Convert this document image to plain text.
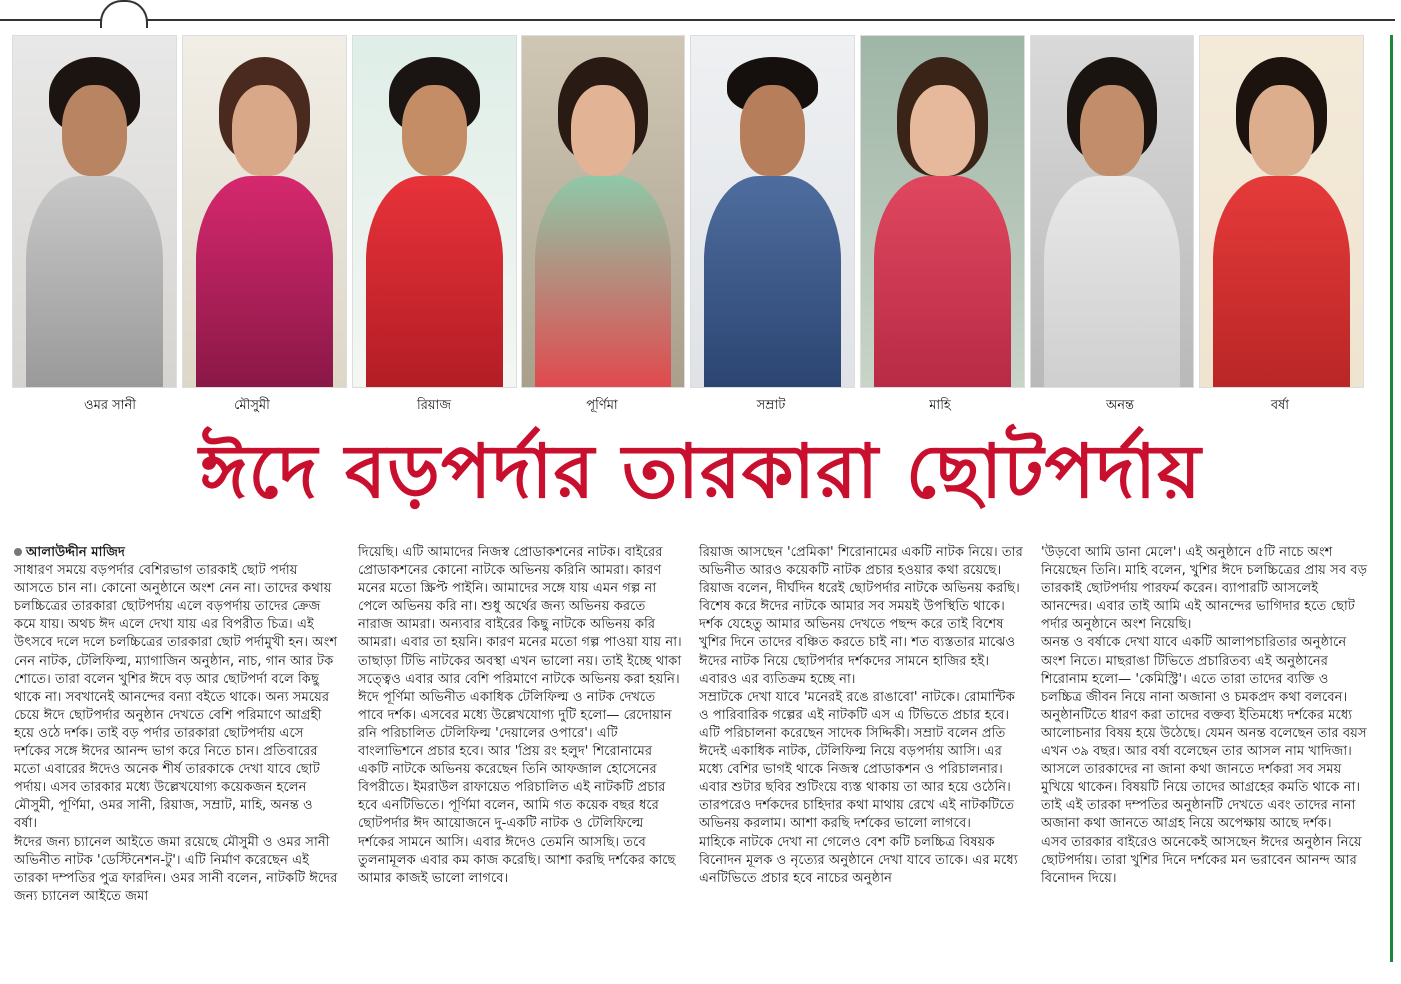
ওমর সানী	মৌসুমী	রিয়াজ	পূর্ণিমা	সম্রাট	মাহি	অনন্ত	বর্ষা
ঈদে বড়পর্দার তারকারা ছোটপর্দায়

আলাউদ্দীন মাজিদ

সাধারণ সময়ে বড়পর্দার বেশিরভাগ তারকাই ছোট পর্দায় আসতে চান না। কোনো অনুষ্ঠানে অংশ নেন না। তাদের কথায় চলচ্চিত্রের তারকারা ছোটপর্দায় এলে বড়পর্দায় তাদের ক্রেজ কমে যায়। অথচ ঈদ এলে দেখা যায় এর বিপরীত চিত্র। এই উৎসবে দলে দলে চলচ্চিত্রের তারকারা ছোট পর্দামুখী হন। অংশ নেন নাটক, টেলিফিল্ম, ম্যাগাজিন অনুষ্ঠান, নাচ, গান আর টক শোতে। তারা বলেন খুশির ঈদে বড় আর ছোটপর্দা বলে কিছু থাকে না। সবখানেই আনন্দের বন্যা বইতে থাকে। অন্য সময়ের চেয়ে ঈদে ছোটপর্দার অনুষ্ঠান দেখতে বেশি পরিমাণে আগ্রহী হয়ে ওঠে দর্শক। তাই বড় পর্দার তারকারা ছোটপর্দায় এসে দর্শকের সঙ্গে ঈদের আনন্দ ভাগ করে নিতে চান। প্রতিবারের মতো এবারের ঈদেও অনেক শীর্ষ তারকাকে দেখা যাবে ছোট পর্দায়। এসব তারকার মধ্যে উল্লেখযোগ্য কয়েকজন হলেন মৌসুমী, পূর্ণিমা, ওমর সানী, রিয়াজ, সম্রাট, মাহি, অনন্ত ও বর্ষা।

ঈদের জন্য চ্যানেল আইতে জমা রয়েছে মৌসুমী ও ওমর সানী অভিনীত নাটক 'ডেস্টিনেশন-টু'। এটি নির্মাণ করেছেন এই তারকা দম্পতির পুত্র ফারদিন। ওমর সানী বলেন, নাটকটি ঈদের জন্য চ্যানেল আইতে জমা

দিয়েছি। এটি আমাদের নিজস্ব প্রোডাকশনের নাটক। বাইরের প্রোডাকশনের কোনো নাটকে অভিনয় করিনি আমরা। কারণ মনের মতো স্ক্রিপ্ট পাইনি। আমাদের সঙ্গে যায় এমন গল্প না পেলে অভিনয় করি না। শুধু অর্থের জন্য অভিনয় করতে নারাজ আমরা। অন্যবার বাইরের কিছু নাটকে অভিনয় করি আমরা। এবার তা হয়নি। কারণ মনের মতো গল্প পাওয়া যায় না। তাছাড়া টিভি নাটকের অবস্থা এখন ভালো নয়। তাই ইচ্ছে থাকা সত্ত্বেও এবার আর বেশি পরিমাণে নাটকে অভিনয় করা হয়নি।

ঈদে পূর্ণিমা অভিনীত একাধিক টেলিফিল্ম ও নাটক দেখতে পাবে দর্শক। এসবের মধ্যে উল্লেখযোগ্য দুটি হলো— রেদোয়ান রনি পরিচালিত টেলিফিল্ম 'দেয়ালের ওপারে'। এটি বাংলাভিশনে প্রচার হবে। আর 'প্রিয় রং হলুদ' শিরোনামের একটি নাটকে অভিনয় করেছেন তিনি আফজাল হোসেনের বিপরীতে। ইমরাউল রাফায়েত পরিচালিত এই নাটকটি প্রচার হবে এনটিভিতে। পূর্ণিমা বলেন, আমি গত কয়েক বছর ধরে ছোটপর্দার ঈদ আয়োজনে দু-একটি নাটক ও টেলিফিল্মে দর্শকের সামনে আসি। এবার ঈদেও তেমনি আসছি। তবে তুলনামূলক এবার কম কাজ করেছি। আশা করছি দর্শকের কাছে আমার কাজই ভালো লাগবে।

রিয়াজ আসছেন 'প্রেমিকা' শিরোনামের একটি নাটক নিয়ে। তার অভিনীত আরও কয়েকটি নাটক প্রচার হওয়ার কথা রয়েছে। রিয়াজ বলেন, দীর্ঘদিন ধরেই ছোটপর্দার নাটকে অভিনয় করছি। বিশেষ করে ঈদের নাটকে আমার সব সময়ই উপস্থিতি থাকে। দর্শক যেহেতু আমার অভিনয় দেখতে পছন্দ করে তাই বিশেষ খুশির দিনে তাদের বঞ্চিত করতে চাই না। শত ব্যস্ততার মাঝেও ঈদের নাটক নিয়ে ছোটপর্দার দর্শকদের সামনে হাজির হই। এবারও এর ব্যতিক্রম হচ্ছে না।

সম্রাটকে দেখা যাবে 'মনেরই রঙে রাঙাবো' নাটকে। রোমান্টিক ও পারিবারিক গল্পের এই নাটকটি এস এ টিভিতে প্রচার হবে। এটি পরিচালনা করেছেন সাদেক সিদ্দিকী। সম্রাট বলেন প্রতি ঈদেই একাধিক নাটক, টেলিফিল্ম নিয়ে বড়পর্দায় আসি। এর মধ্যে বেশির ভাগই থাকে নিজস্ব প্রোডাকশন ও পরিচালনার। এবার শুটার ছবির শুটিংয়ে ব্যস্ত থাকায় তা আর হয়ে ওঠেনি। তারপরেও দর্শকদের চাহিদার কথা মাথায় রেখে এই নাটকটিতে অভিনয় করলাম। আশা করছি দর্শকের ভালো লাগবে।

মাহিকে নাটকে দেখা না গেলেও বেশ কটি চলচ্চিত্র বিষয়ক বিনোদন মূলক ও নৃত্যের অনুষ্ঠানে দেখা যাবে তাকে। এর মধ্যে এনটিভিতে প্রচার হবে নাচের অনুষ্ঠান

'উড়বো আমি ডানা মেলে'। এই অনুষ্ঠানে ৫টি নাচে অংশ নিয়েছেন তিনি। মাহি বলেন, খুশির ঈদে চলচ্চিত্রের প্রায় সব বড় তারকাই ছোটপর্দায় পারফর্ম করেন। ব্যাপারটি আসলেই আনন্দের। এবার তাই আমি এই আনন্দের ভাগিদার হতে ছোট পর্দার অনুষ্ঠানে অংশ নিয়েছি।

অনন্ত ও বর্ষাকে দেখা যাবে একটি আলাপচারিতার অনুষ্ঠানে অংশ নিতে। মাছরাঙা টিভিতে প্রচারিতব্য এই অনুষ্ঠানের শিরোনাম হলো— 'কেমিস্ট্রি'। এতে তারা তাদের ব্যক্তি ও চলচ্চিত্র জীবন নিয়ে নানা অজানা ও চমকপ্রদ কথা বলবেন। অনুষ্ঠানটিতে ধারণ করা তাদের বক্তব্য ইতিমধ্যে দর্শকের মধ্যে আলোচনার বিষয় হয়ে উঠেছে। যেমন অনন্ত বলেছেন তার বয়স এখন ৩৯ বছর। আর বর্ষা বলেছেন তার আসল নাম খাদিজা। আসলে তারকাদের না জানা কথা জানতে দর্শকরা সব সময় মুখিয়ে থাকেন। বিষয়টি নিয়ে তাদের আগ্রহের কমতি থাকে না। তাই এই তারকা দম্পতির অনুষ্ঠানটি দেখতে এবং তাদের নানা অজানা কথা জানতে আগ্রহ নিয়ে অপেক্ষায় আছে দর্শক।

এসব তারকার বাইরেও অনেকেই আসছেন ঈদের অনুষ্ঠান নিয়ে ছোটপর্দায়। তারা খুশির দিনে দর্শকের মন ভরাবেন আনন্দ আর বিনোদন দিয়ে।
